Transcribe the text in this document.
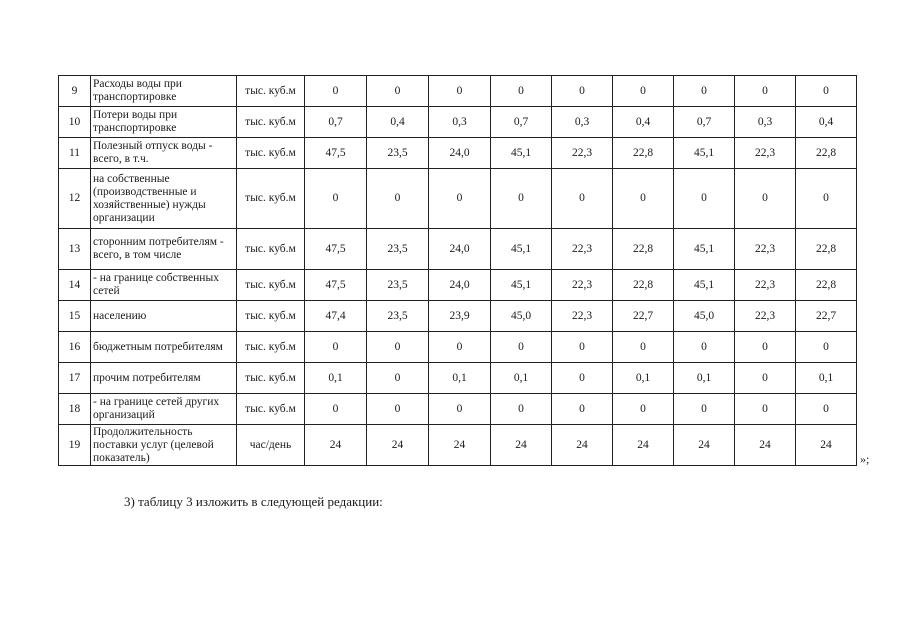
9	Расходы воды при транспортировке	тыс. куб.м	0	0	0	0	0	0	0	0	0
10	Потери воды при транспортировке	тыс. куб.м	0,7	0,4	0,3	0,7	0,3	0,4	0,7	0,3	0,4
11	Полезный отпуск воды - всего, в т.ч.	тыс. куб.м	47,5	23,5	24,0	45,1	22,3	22,8	45,1	22,3	22,8
12	на собственные (производственные и хозяйственные) нужды организации	тыс. куб.м	0	0	0	0	0	0	0	0	0
13	сторонним потребителям - всего, в том числе	тыс. куб.м	47,5	23,5	24,0	45,1	22,3	22,8	45,1	22,3	22,8
14	- на границе собственных сетей	тыс. куб.м	47,5	23,5	24,0	45,1	22,3	22,8	45,1	22,3	22,8
15	населению	тыс. куб.м	47,4	23,5	23,9	45,0	22,3	22,7	45,0	22,3	22,7
16	бюджетным потребителям	тыс. куб.м	0	0	0	0	0	0	0	0	0
17	прочим потребителям	тыс. куб.м	0,1	0	0,1	0,1	0	0,1	0,1	0	0,1
18	- на границе сетей других организаций	тыс. куб.м	0	0	0	0	0	0	0	0	0
19	Продолжительность поставки услуг (целевой показатель)	час/день	24	24	24	24	24	24	24	24	24
»;
3) таблицу 3 изложить в следующей редакции:
